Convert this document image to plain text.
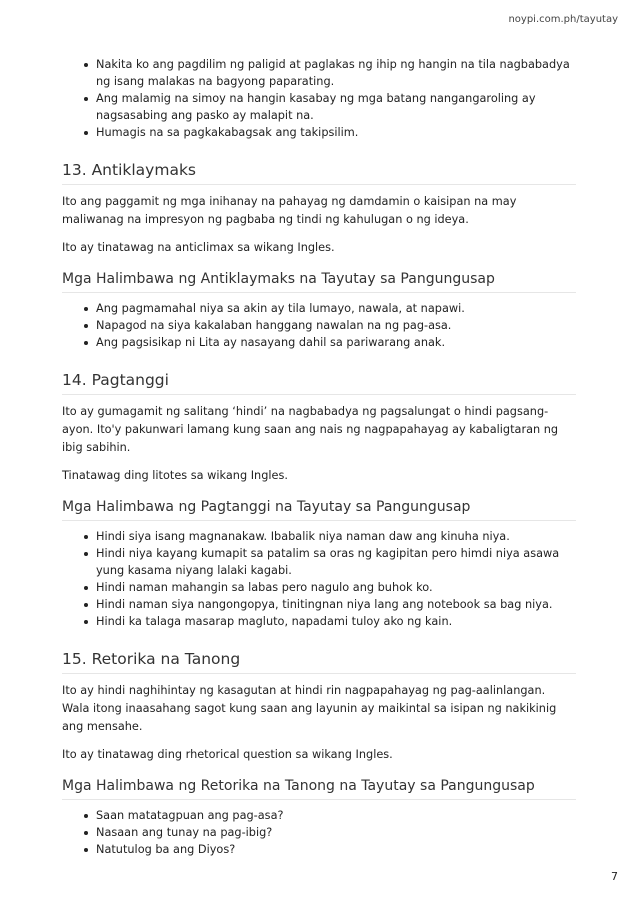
noypi.com.ph/tayutay
Nakita ko ang pagdilim ng paligid at paglakas ng ihip ng hangin na tila nagbabadya ng isang malakas na bagyong paparating.
Ang malamig na simoy na hangin kasabay ng mga batang nangangaroling ay nagsasabing ang pasko ay malapit na.
Humagis na sa pagkakabagsak ang takipsilim.
13. Antiklaymaks

Ito ang paggamit ng mga inihanay na pahayag ng damdamin o kaisipan na may maliwanag na impresyon ng pagbaba ng tindi ng kahulugan o ng ideya.

Ito ay tinatawag na anticlimax sa wikang Ingles.

Mga Halimbawa ng Antiklaymaks na Tayutay sa Pangungusap
Ang pagmamahal niya sa akin ay tila lumayo, nawala, at napawi.
Napagod na siya kakalaban hanggang nawalan na ng pag-asa.
Ang pagsisikap ni Lita ay nasayang dahil sa pariwarang anak.
14. Pagtanggi

Ito ay gumagamit ng salitang ‘hindi’ na nagbabadya ng pagsalungat o hindi pagsang-ayon. Ito'y pakunwari lamang kung saan ang nais ng nagpapahayag ay kabaligtaran ng ibig sabihin.

Tinatawag ding litotes sa wikang Ingles.

Mga Halimbawa ng Pagtanggi na Tayutay sa Pangungusap
Hindi siya isang magnanakaw. Ibabalik niya naman daw ang kinuha niya.
Hindi niya kayang kumapit sa patalim sa oras ng kagipitan pero himdi niya asawa yung kasama niyang lalaki kagabi.
Hindi naman mahangin sa labas pero nagulo ang buhok ko.
Hindi naman siya nangongopya, tinitingnan niya lang ang notebook sa bag niya.
Hindi ka talaga masarap magluto, napadami tuloy ako ng kain.
15. Retorika na Tanong

Ito ay hindi naghihintay ng kasagutan at hindi rin nagpapahayag ng pag-aalinlangan. Wala itong inaasahang sagot kung saan ang layunin ay maikintal sa isipan ng nakikinig ang mensahe.

Ito ay tinatawag ding rhetorical question sa wikang Ingles.

Mga Halimbawa ng Retorika na Tanong na Tayutay sa Pangungusap
Saan matatagpuan ang pag-asa?
Nasaan ang tunay na pag-ibig?
Natutulog ba ang Diyos?
7
